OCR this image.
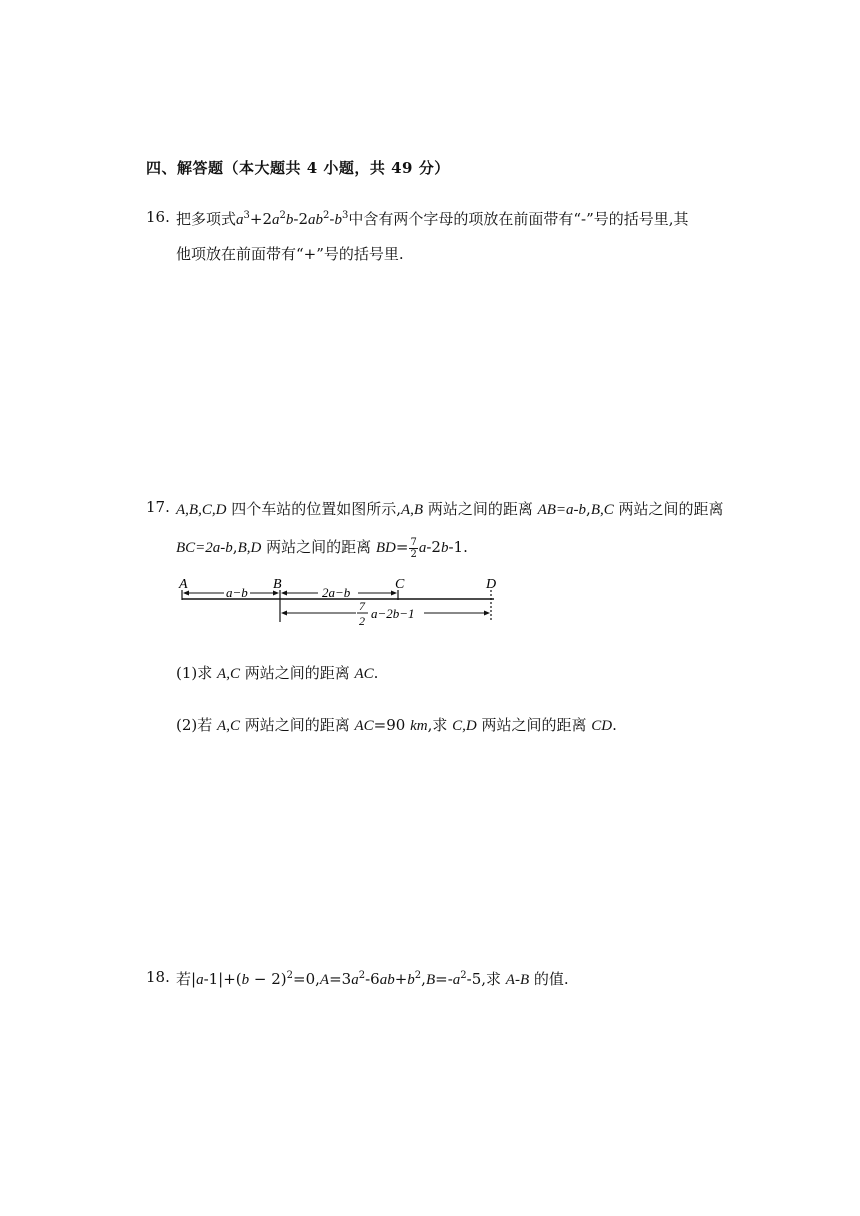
四、解答题（本大题共 4 小题，共 49 分）
16. 把多项式$a^3+2a^2b-2ab^2-b^3$中含有两个字母的项放在前面带有“-”号的括号里,其
他项放在前面带有“+”号的括号里.
17. A,B,C,D 四个车站的位置如图所示,A,B 两站之间的距离 AB=a-b,B,C 两站之间的距离
BC=2a-b,B,D 两站之间的距离 $BD= \frac{7}{2} a-2b-1$.
A	B	C	D
a−b	2a−b
7
2 a−2b−1
(1)求 A,C 两站之间的距离 AC.
(2)若 A,C 两站之间的距离 AC=90 km,求 C,D 两站之间的距离 CD.
18. 若$|a-1|+(b - 2)^2=0,A=3a^2-6ab+b^2,B=-a^2-5$,求 A-B 的值.
